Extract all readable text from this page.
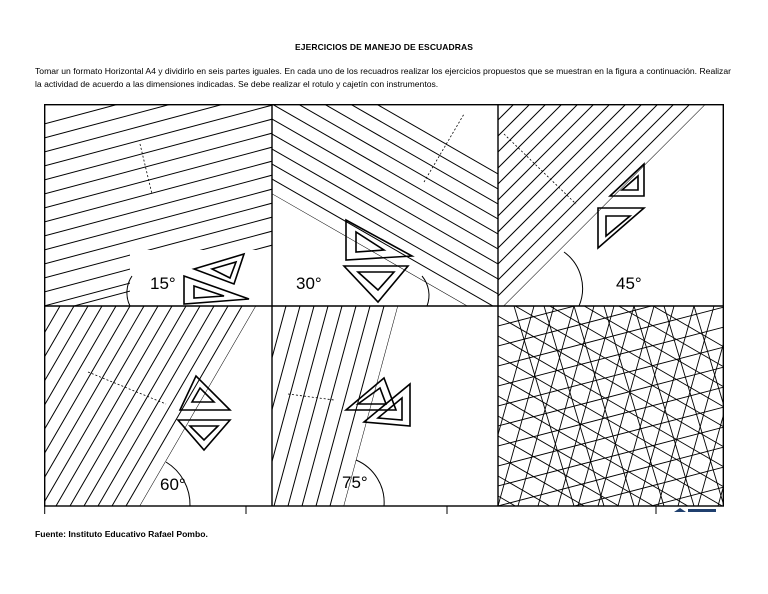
EJERCICIOS DE MANEJO DE ESCUADRAS
Tomar un formato Horizontal A4 y dividirlo en seis partes iguales. En cada uno de los recuadros realizar los ejercicios propuestos que se muestran en la figura a continuación. Realizar la actividad de acuerdo a las dimensiones indicadas. Se debe realizar el rotulo y cajetín con instrumentos.
15°	30°	45°
60°	75°
Fuente: Instituto Educativo Rafael Pombo.
